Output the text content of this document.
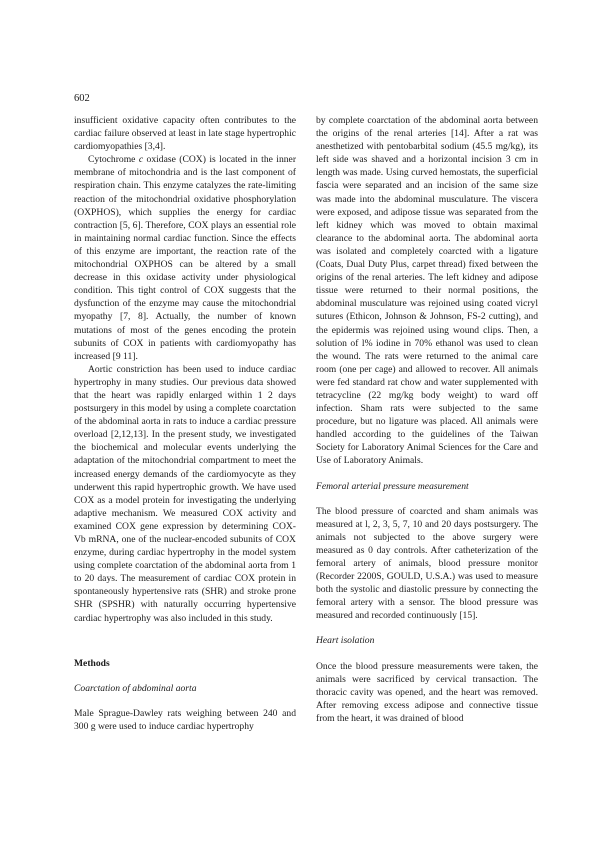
602

insufficient oxidative capacity often contributes to the cardiac failure observed at least in late stage hypertrophic cardiomyopathies [3,4].

Cytochrome c oxidase (COX) is located in the inner membrane of mitochondria and is the last component of respiration chain. This enzyme catalyzes the rate-limiting reaction of the mitochondrial oxidative phosphorylation (OXPHOS), which supplies the energy for cardiac contraction [5, 6]. Therefore, COX plays an essential role in maintaining normal cardiac function. Since the effects of this enzyme are important, the reaction rate of the mitochondrial OXPHOS can be altered by a small decrease in this oxidase activity under physiological condition. This tight control of COX suggests that the dysfunction of the enzyme may cause the mitochondrial myopathy [7, 8]. Actually, the number of known mutations of most of the genes encoding the protein subunits of COX in patients with cardiomyopathy has increased [9 11].

Aortic constriction has been used to induce cardiac hypertrophy in many studies. Our previous data showed that the heart was rapidly enlarged within 1 2 days postsurgery in this model by using a complete coarctation of the abdominal aorta in rats to induce a cardiac pressure overload [2,12,13]. In the present study, we investigated the biochemical and molecular events underlying the adaptation of the mitochondrial compartment to meet the increased energy demands of the cardiomyocyte as they underwent this rapid hypertrophic growth. We have used COX as a model protein for investigating the underlying adaptive mechanism. We measured COX activity and examined COX gene expression by determining COX-Vb mRNA, one of the nuclear-encoded subunits of COX enzyme, during cardiac hypertrophy in the model system using complete coarctation of the abdominal aorta from 1 to 20 days. The measurement of cardiac COX protein in spontaneously hypertensive rats (SHR) and stroke prone SHR (SPSHR) with naturally occurring hypertensive cardiac hypertrophy was also included in this study.

Methods

Coarctation of abdominal aorta

Male Sprague-Dawley rats weighing between 240 and 300 g were used to induce cardiac hypertrophy

by complete coarctation of the abdominal aorta between the origins of the renal arteries [14]. After a rat was anesthetized with pentobarbital sodium (45.5 mg/kg), its left side was shaved and a horizontal incision 3 cm in length was made. Using curved hemostats, the superficial fascia were separated and an incision of the same size was made into the abdominal musculature. The viscera were exposed, and adipose tissue was separated from the left kidney which was moved to obtain maximal clearance to the abdominal aorta. The abdominal aorta was isolated and completely coarcted with a ligature (Coats, Dual Duty Plus, carpet thread) fixed between the origins of the renal arteries. The left kidney and adipose tissue were returned to their normal positions, the abdominal musculature was rejoined using coated vicryl sutures (Ethicon, Johnson & Johnson, FS-2 cutting), and the epidermis was rejoined using wound clips. Then, a solution of l% iodine in 70% ethanol was used to clean the wound. The rats were returned to the animal care room (one per cage) and allowed to recover. All animals were fed standard rat chow and water supplemented with tetracycline (22 mg/kg body weight) to ward off infection. Sham rats were subjected to the same procedure, but no ligature was placed. All animals were handled according to the guidelines of the Taiwan Society for Laboratory Animal Sciences for the Care and Use of Laboratory Animals.

Femoral arterial pressure measurement

The blood pressure of coarcted and sham animals was measured at l, 2, 3, 5, 7, 10 and 20 days postsurgery. The animals not subjected to the above surgery were measured as 0 day controls. After catheterization of the femoral artery of animals, blood pressure monitor (Recorder 2200S, GOULD, U.S.A.) was used to measure both the systolic and diastolic pressure by connecting the femoral artery with a sensor. The blood pressure was measured and recorded continuously [15].

Heart isolation

Once the blood pressure measurements were taken, the animals were sacrificed by cervical transaction. The thoracic cavity was opened, and the heart was removed. After removing excess adipose and connective tissue from the heart, it was drained of blood
